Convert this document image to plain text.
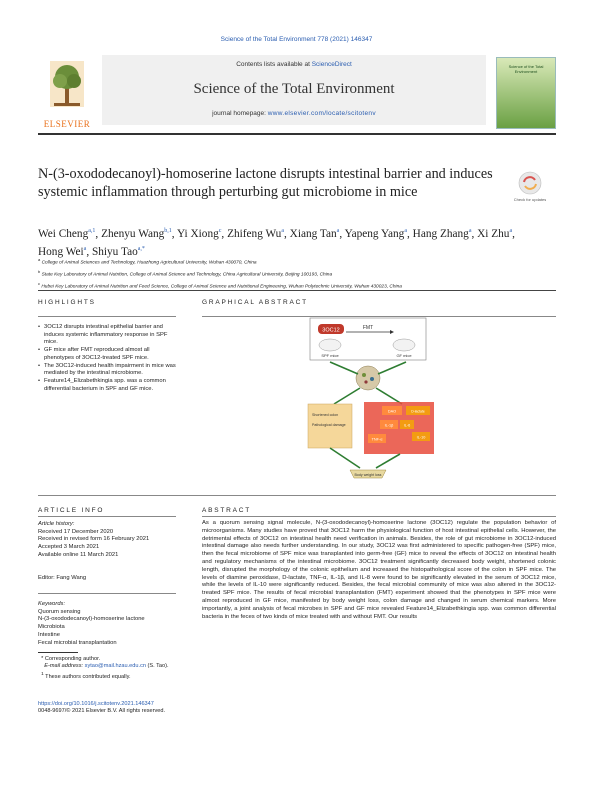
Science of the Total Environment 778 (2021) 146347
ELSEVIER
Contents lists available at ScienceDirect
Science of the Total Environment
journal homepage: www.elsevier.com/locate/scitotenv
Science of the Total Environment
N-(3-oxododecanoyl)-homoserine lactone disrupts intestinal barrier and induces systemic inflammation through perturbing gut microbiome in mice	Check for updates
Wei Cheng$^{a,1}$, Zhenyu Wang$^{b,1}$, Yi Xiong$^c$, Zhifeng Wu$^a$, Xiang Tan$^a$, Yapeng Yang$^a$, Hang Zhang$^a$, Xi Zhu$^a$,
Hong Wei$^a$, Shiyu Tao$^{a,*}$
$^a$ College of Animal Sciences and Technology, Huazhong Agricultural University, Wuhan 430070, China
$^b$ State Key Laboratory of Animal Nutrition, College of Animal Science and Technology, China Agricultural University, Beijing 100193, China
$^c$ Hubei Key Laboratory of Animal Nutrition and Feed Science, College of Animal Science and Nutritional Engineering, Wuhan Polytechnic University, Wuhan 430023, China
HIGHLIGHTS
• 3OC12 disrupts intestinal epithelial barrier and induces systemic inflammatory response in SPF mice.
• GF mice after FMT reproduced almost all phenotypes of 3OC12-treated SPF mice.
• The 3OC12-induced health impairment in mice was mediated by the intestinal microbiome.
• Feature14_Elizabethkingia spp. was a common differential bacterium in SPF and GF mice.
GRAPHICAL ABSTRACT
3OC12	FMT
SPF mice	GF mice
Shortened colon
Pathological damage
DAO	D-lactate
IL-1β	IL-6
TNF-α	IL-10
Body weight loss
ARTICLE INFO
Article history:
Received 17 December 2020
Received in revised form 16 February 2021
Accepted 3 March 2021
Available online 11 March 2021
Editor: Fang Wang
Keywords:
Quorum sensing
N-(3-oxododecanoyl)-homoserine lactone
Microbiota
Intestine
Fecal microbial transplantation
ABSTRACT
As a quorum sensing signal molecule, N-(3-oxododecanoyl)-homoserine lactone (3OC12) regulate the population behavior of microorganisms. Many studies have proved that 3OC12 harm the physiological function of host intestinal epithelial cells. However, the detrimental effects of 3OC12 on intestinal health need verification in animals. Besides, the role of gut microbiome in 3OC12-induced intestinal damage also needs further understanding. In our study, 3OC12 was first administered to specific pathogen-free (SPF) mice, then the fecal microbiome of SPF mice was transplanted into germ-free (GF) mice to reveal the effects of 3OC12 on intestinal health and regulatory mechanisms of the intestinal microbiome. 3OC12 treatment significantly decreased body weight, shortened colonic length, disrupted the morphology of the colonic epithelium and increased the histopathological score of the colon in SPF mice. The levels of diamine peroxidase, D-lactate, TNF-α, IL-1β, and IL-8 were found to be significantly elevated in the serum of 3OC12 mice, while the levels of IL-10 were significantly reduced. Besides, the fecal microbial community of mice was also altered in the 3OC12-treated SPF mice. The results of fecal microbial transplantation (FMT) experiment showed that the phenotypes in SPF mice were almost reproduced in GF mice, manifested by body weight loss, colon damage and changed in serum chemical markers. More importantly, a joint analysis of fecal microbes in SPF and GF mice revealed Feature14_Elizabethkingia spp. was common differential bacteria in the feces of two kinds of mice treated with and without FMT. Our results
* Corresponding author.
E-mail address: sytao@mail.hzau.edu.cn (S. Tao).
$^1$ These authors contributed equally.
https://doi.org/10.1016/j.scitotenv.2021.146347
0048-9697/© 2021 Elsevier B.V. All rights reserved.
